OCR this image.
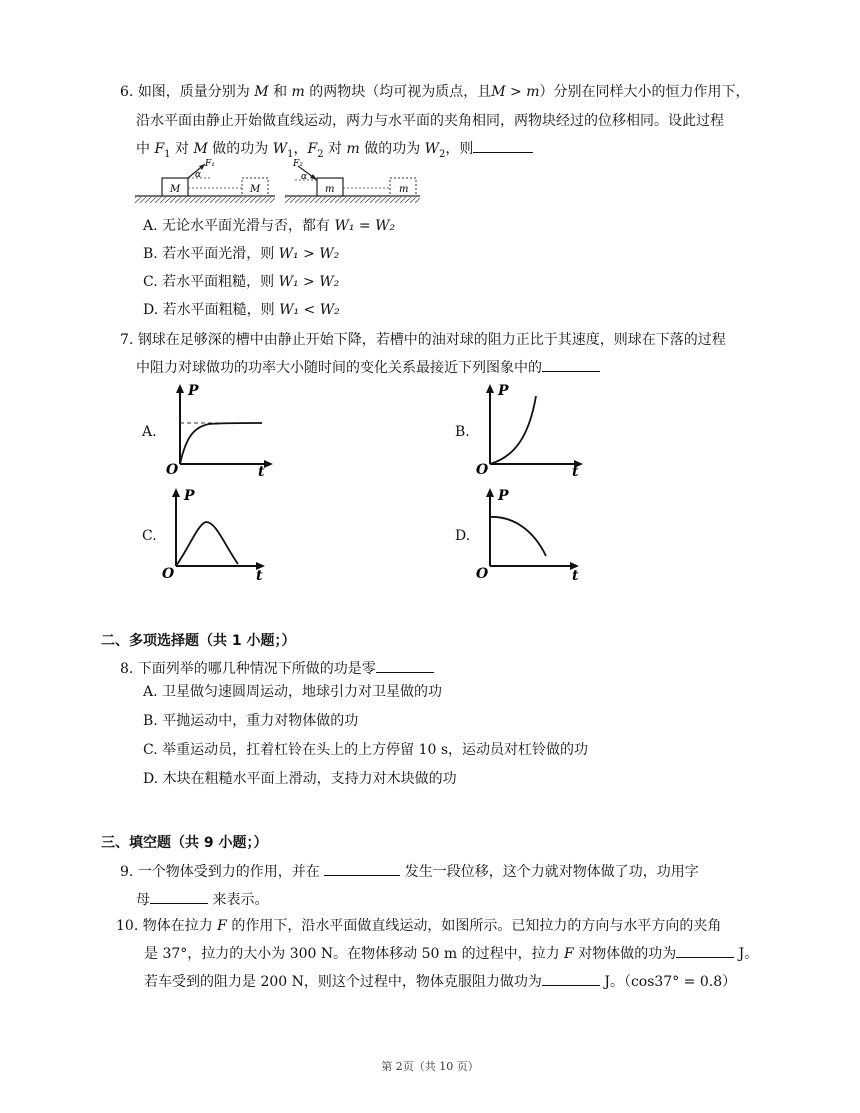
6. 如图，质量分别为 M 和 m 的两物块（均可视为质点，且M > m）分别在同样大小的恒力作用下，
沿水平面由静止开始做直线运动，两力与水平面的夹角相同，两物块经过的位移相同。设此过程
中 $F_1$ 对 M 做的功为 $W_1$，$F_2$ 对 m 做的功为 $W_2$，则
M	M
F₁
α
m	m
F₂
α
A. 无论水平面光滑与否，都有 W₁ = W₂
B. 若水平面光滑，则 W₁ > W₂
C. 若水平面粗糙，则 W₁ > W₂
D. 若水平面粗糙，则 W₁ < W₂
7. 钢球在足够深的槽中由静止开始下降，若槽中的油对球的阻力正比于其速度，则球在下落的过程
中阻力对球做功的功率大小随时间的变化关系最接近下列图象中的
A.
P
t
O
B.
P
t
O
C.
P
t
O
D.
P
t
O
二、多项选择题（共 1 小题；）
8. 下面列举的哪几种情况下所做的功是零
A. 卫星做匀速圆周运动，地球引力对卫星做的功
B. 平抛运动中，重力对物体做的功
C. 举重运动员，扛着杠铃在头上的上方停留 10 s，运动员对杠铃做的功
D. 木块在粗糙水平面上滑动，支持力对木块做的功
三、填空题（共 9 小题；）
9. 一个物体受到力的作用，并在	发生一段位移，这个力就对物体做了功，功用字
母	来表示。
10. 物体在拉力 F 的作用下，沿水平面做直线运动，如图所示。已知拉力的方向与水平方向的夹角
是 37°，拉力的大小为 300 N。在物体移动 50 m 的过程中，拉力 F 对物体做的功为	J。
若车受到的阻力是 200 N，则这个过程中，物体克服阻力做功为	J。（cos37° = 0.8）
第 2页（共 10 页）
